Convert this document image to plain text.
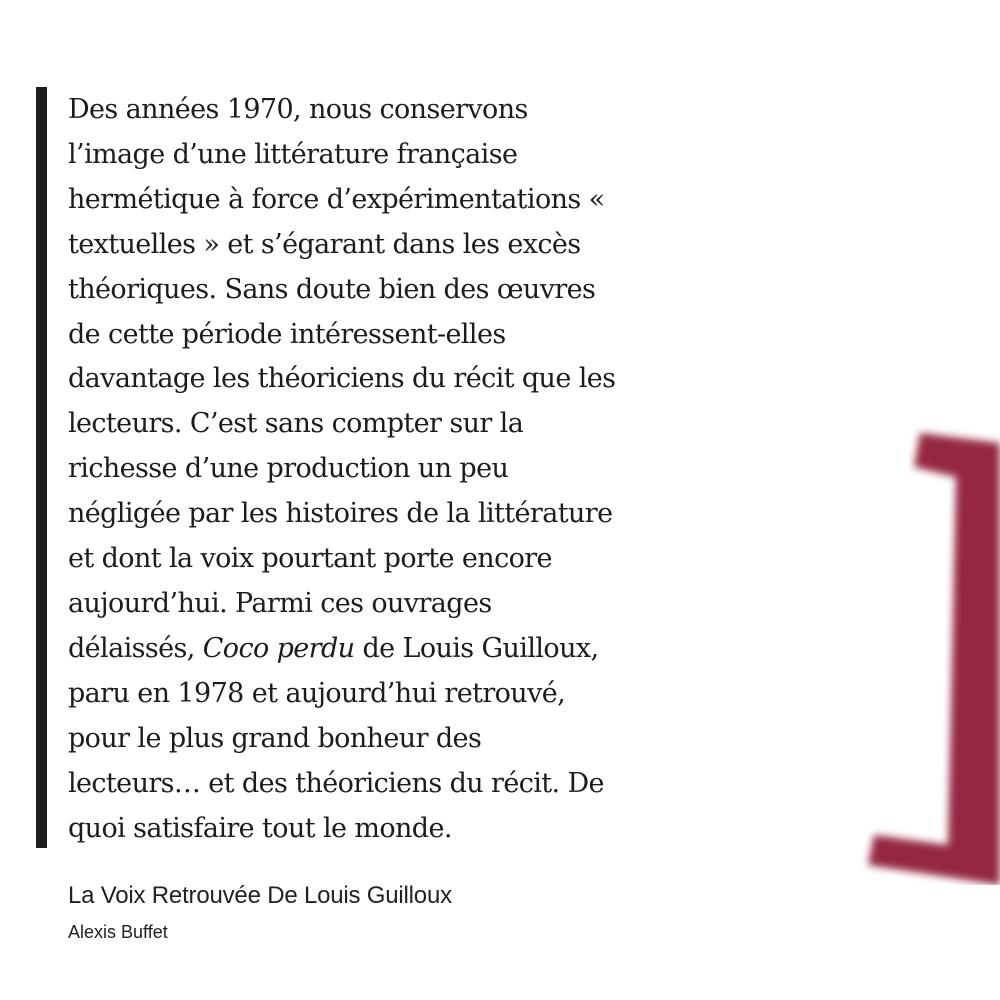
Des années 1970, nous conservons
l’image d’une littérature française
hermétique à force d’expérimentations «
textuelles » et s’égarant dans les excès
théoriques. Sans doute bien des œuvres
de cette période intéressent-elles
davantage les théoriciens du récit que les
lecteurs. C’est sans compter sur la
richesse d’une production un peu
négligée par les histoires de la littérature
et dont la voix pourtant porte encore
aujourd’hui. Parmi ces ouvrages
délaissés, Coco perdu de Louis Guilloux,
paru en 1978 et aujourd’hui retrouvé,
pour le plus grand bonheur des
lecteurs… et des théoriciens du récit. De
quoi satisfaire tout le monde.
La Voix Retrouvée De Louis Guilloux
Alexis Buffet
